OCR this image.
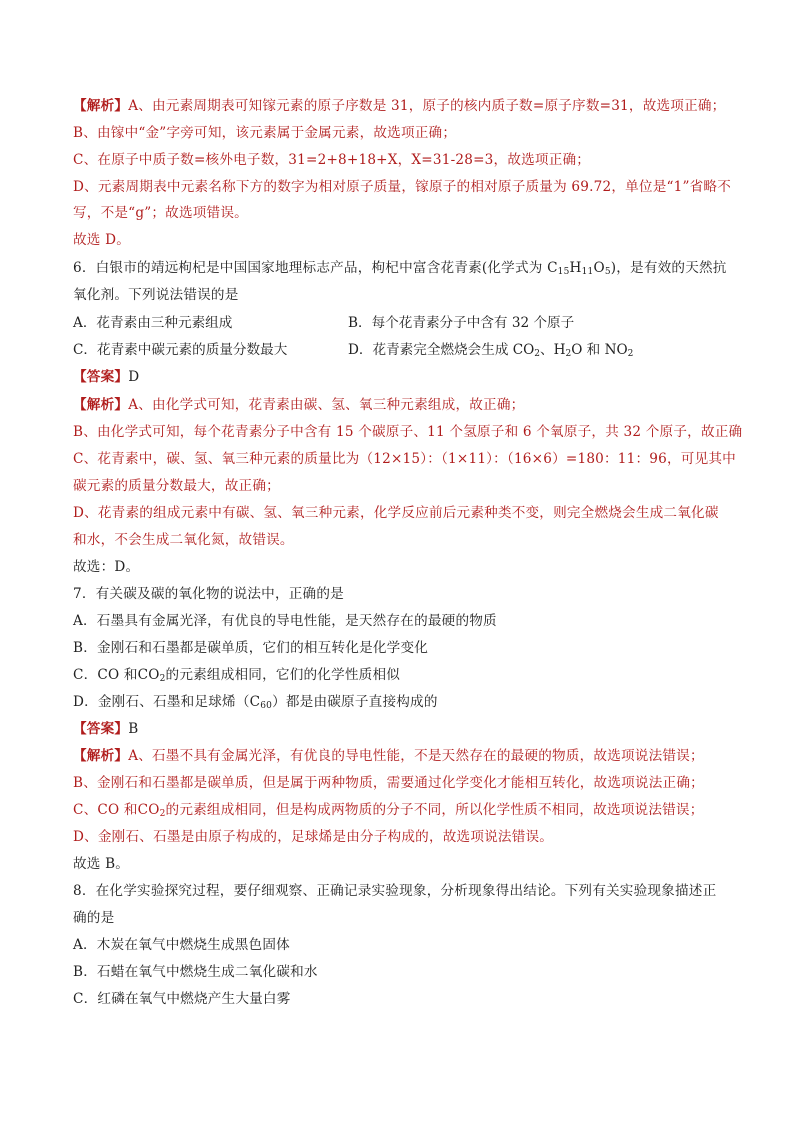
【解析】A、由元素周期表可知镓元素的原子序数是 31，原子的核内质子数=原子序数=31，故选项正确；
B、由镓中“金”字旁可知，该元素属于金属元素，故选项正确；
C、在原子中质子数=核外电子数，31=2+8+18+X，X=31-28=3，故选项正确；
D、元素周期表中元素名称下方的数字为相对原子质量，镓原子的相对原子质量为 69.72，单位是“1”省略不
写，不是“g”；故选项错误。
故选 D。
6．白银市的靖远枸杞是中国国家地理标志产品，枸杞中富含花青素(化学式为 $C_{15}H_{11}O_5$)，是有效的天然抗
氧化剂。下列说法错误的是
A．花青素由三种元素组成	B．每个花青素分子中含有 32 个原子
C．花青素中碳元素的质量分数最大	D．花青素完全燃烧会生成 $CO_2$、$H_2O$ 和 $NO_2$
【答案】D
【解析】A、由化学式可知，花青素由碳、氢、氧三种元素组成，故正确；
B、由化学式可知，每个花青素分子中含有 15 个碳原子、11 个氢原子和 6 个氧原子，共 32 个原子，故正确
C、花青素中，碳、氢、氧三种元素的质量比为（12×15）：（1×11）：（16×6）=180：11：96，可见其中
碳元素的质量分数最大，故正确；
D、花青素的组成元素中有碳、氢、氧三种元素，化学反应前后元素种类不变，则完全燃烧会生成二氧化碳
和水，不会生成二氧化氮，故错误。
故选：D。
7．有关碳及碳的氧化物的说法中，正确的是
A．石墨具有金属光泽，有优良的导电性能，是天然存在的最硬的物质
B．金刚石和石墨都是碳单质，它们的相互转化是化学变化
C．CO 和$CO_2$的元素组成相同，它们的化学性质相似
D．金刚石、石墨和足球烯$(C_{60})$都是由碳原子直接构成的
【答案】B
【解析】A、石墨不具有金属光泽，有优良的导电性能，不是天然存在的最硬的物质，故选项说法错误；
B、金刚石和石墨都是碳单质，但是属于两种物质，需要通过化学变化才能相互转化，故选项说法正确；
C、CO 和$CO_2$的元素组成相同，但是构成两物质的分子不同，所以化学性质不相同，故选项说法错误；
D、金刚石、石墨是由原子构成的，足球烯是由分子构成的，故选项说法错误。
故选 B。
8．在化学实验探究过程，要仔细观察、正确记录实验现象，分析现象得出结论。下列有关实验现象描述正
确的是
A．木炭在氧气中燃烧生成黑色固体
B．石蜡在氧气中燃烧生成二氧化碳和水
C．红磷在氧气中燃烧产生大量白雾
